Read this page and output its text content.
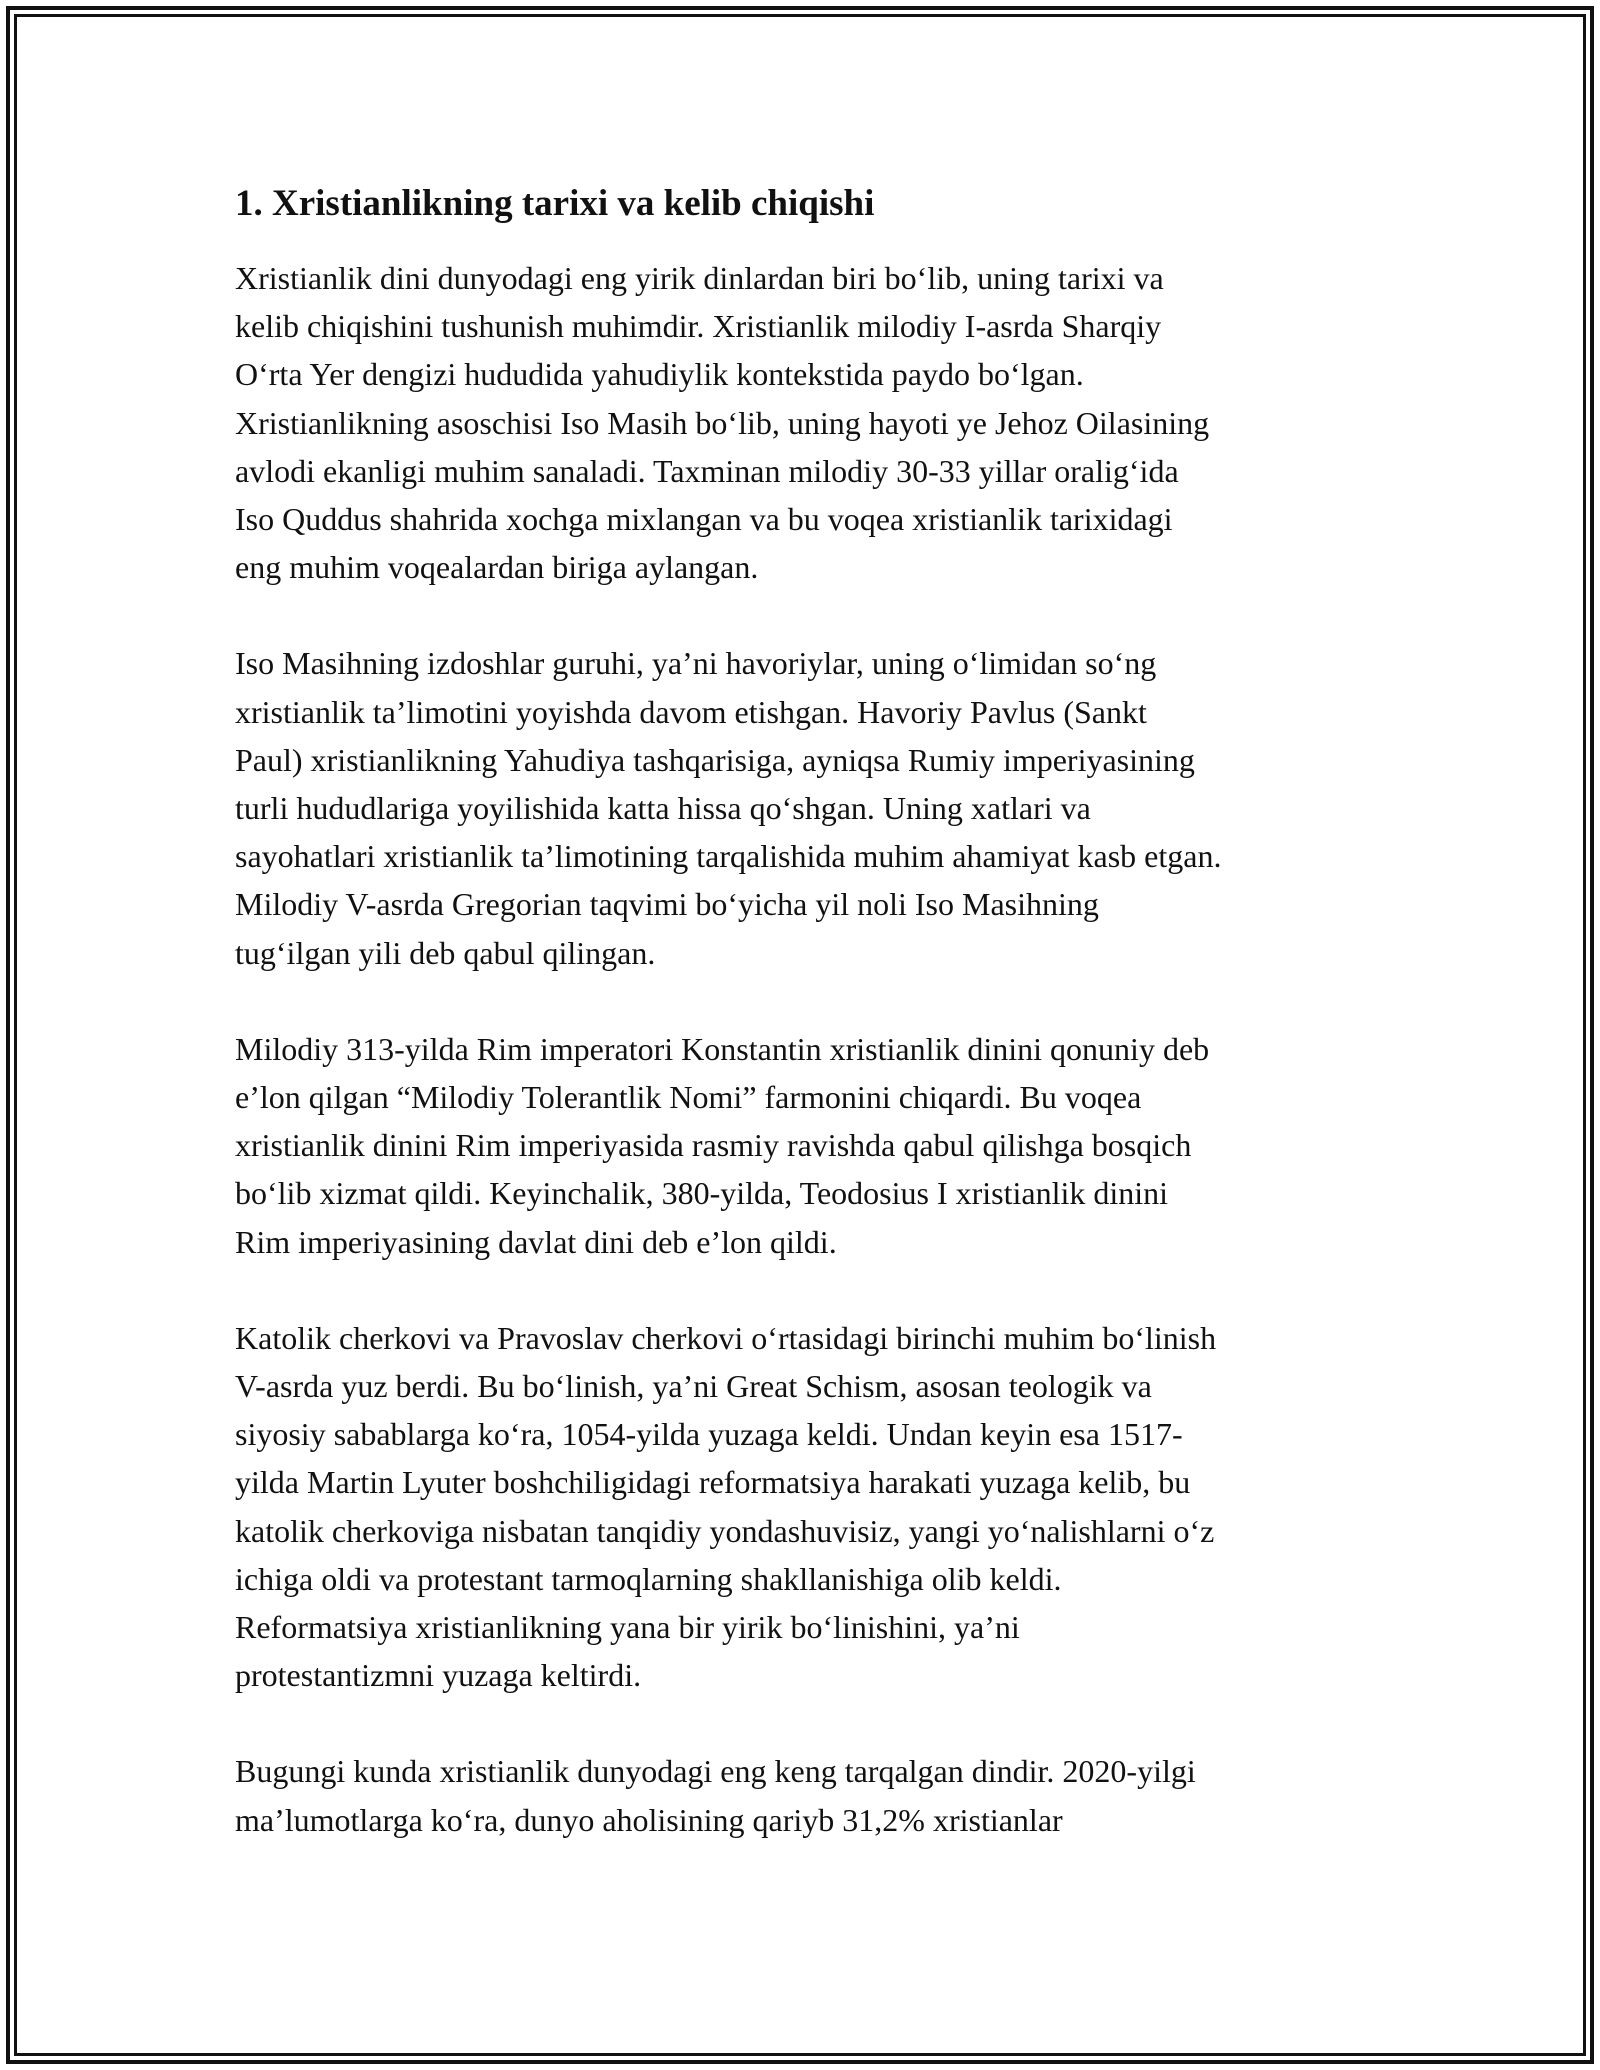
1. Xristianlikning tarixi va kelib chiqishi

Xristianlik dini dunyodagi eng yirik dinlardan biri bo‘lib, uning tarixi va
kelib chiqishini tushunish muhimdir. Xristianlik milodiy I-asrda Sharqiy
O‘rta Yer dengizi hududida yahudiylik kontekstida paydo bo‘lgan.
Xristianlikning asoschisi Iso Masih bo‘lib, uning hayoti ye Jehoz Oilasining
avlodi ekanligi muhim sanaladi. Taxminan milodiy 30-33 yillar oralig‘ida
Iso Quddus shahrida xochga mixlangan va bu voqea xristianlik tarixidagi
eng muhim voqealardan biriga aylangan.

Iso Masihning izdoshlar guruhi, ya’ni havoriylar, uning o‘limidan so‘ng
xristianlik ta’limotini yoyishda davom etishgan. Havoriy Pavlus (Sankt
Paul) xristianlikning Yahudiya tashqarisiga, ayniqsa Rumiy imperiyasining
turli hududlariga yoyilishida katta hissa qo‘shgan. Uning xatlari va
sayohatlari xristianlik ta’limotining tarqalishida muhim ahamiyat kasb etgan.
Milodiy V-asrda Gregorian taqvimi bo‘yicha yil noli Iso Masihning
tug‘ilgan yili deb qabul qilingan.

Milodiy 313-yilda Rim imperatori Konstantin xristianlik dinini qonuniy deb
e’lon qilgan “Milodiy Tolerantlik Nomi” farmonini chiqardi. Bu voqea
xristianlik dinini Rim imperiyasida rasmiy ravishda qabul qilishga bosqich
bo‘lib xizmat qildi. Keyinchalik, 380-yilda, Teodosius I xristianlik dinini
Rim imperiyasining davlat dini deb e’lon qildi.

Katolik cherkovi va Pravoslav cherkovi o‘rtasidagi birinchi muhim bo‘linish
V-asrda yuz berdi. Bu bo‘linish, ya’ni Great Schism, asosan teologik va
siyosiy sabablarga ko‘ra, 1054-yilda yuzaga keldi. Undan keyin esa 1517-
yilda Martin Lyuter boshchiligidagi reformatsiya harakati yuzaga kelib, bu
katolik cherkoviga nisbatan tanqidiy yondashuvisiz, yangi yo‘nalishlarni o‘z
ichiga oldi va protestant tarmoqlarning shakllanishiga olib keldi.
Reformatsiya xristianlikning yana bir yirik bo‘linishini, ya’ni
protestantizmni yuzaga keltirdi.

Bugungi kunda xristianlik dunyodagi eng keng tarqalgan dindir. 2020-yilgi
ma’lumotlarga ko‘ra, dunyo aholisining qariyb 31,2% xristianlar
